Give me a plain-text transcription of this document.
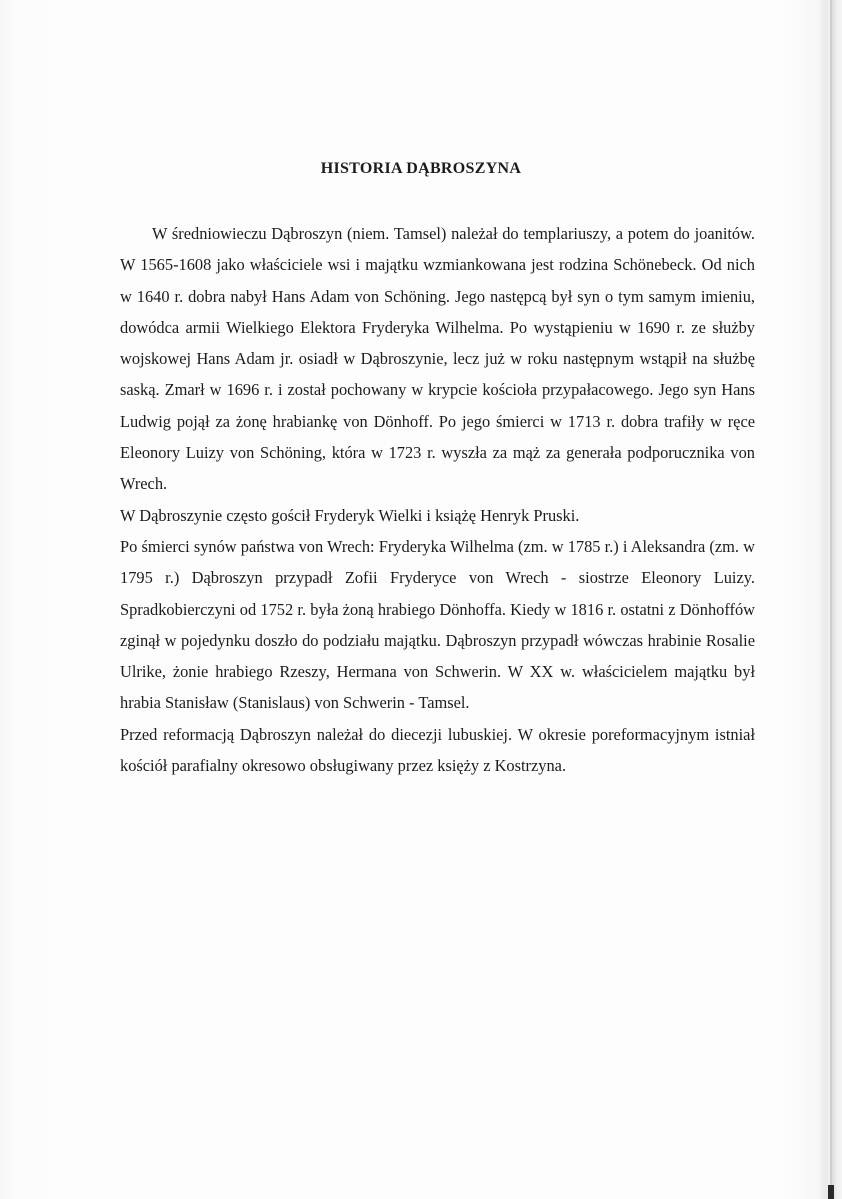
HISTORIA DĄBROSZYNA

W średniowieczu Dąbroszyn (niem. Tamsel) należał do templariuszy, a potem do joanitów. W 1565-1608 jako właściciele wsi i majątku wzmiankowana jest rodzina Schönebeck. Od nich w 1640 r. dobra nabył Hans Adam von Schöning. Jego następcą był syn o tym samym imieniu, dowódca armii Wielkiego Elektora Fryderyka Wilhelma. Po wystąpieniu w 1690 r. ze służby wojskowej Hans Adam jr. osiadł w Dąbroszynie, lecz już w roku następnym wstąpił na służbę saską. Zmarł w 1696 r. i został pochowany w krypcie kościoła przypałacowego. Jego syn Hans Ludwig pojął za żonę hrabiankę von Dönhoff. Po jego śmierci w 1713 r. dobra trafiły w ręce Eleonory Luizy von Schöning, która w 1723 r. wyszła za mąż za generała podporucznika von Wrech.

W Dąbroszynie często gościł Fryderyk Wielki i książę Henryk Pruski.

Po śmierci synów państwa von Wrech: Fryderyka Wilhelma (zm. w 1785 r.) i Aleksandra (zm. w 1795 r.) Dąbroszyn przypadł Zofii Fryderyce von Wrech - siostrze Eleonory Luizy. Spradkobierczyni od 1752 r. była żoną hrabiego Dönhoffa. Kiedy w 1816 r. ostatni z Dönhoffów zginął w pojedynku doszło do podziału majątku. Dąbroszyn przypadł wówczas hrabinie Rosalie Ulrike, żonie hrabiego Rzeszy, Hermana von Schwerin. W XX w. właścicielem majątku był hrabia Stanisław (Stanislaus) von Schwerin - Tamsel.

Przed reformacją Dąbroszyn należał do diecezji lubuskiej. W okresie poreformacyjnym istniał kościół parafialny okresowo obsługiwany przez księży z Kostrzyna.
